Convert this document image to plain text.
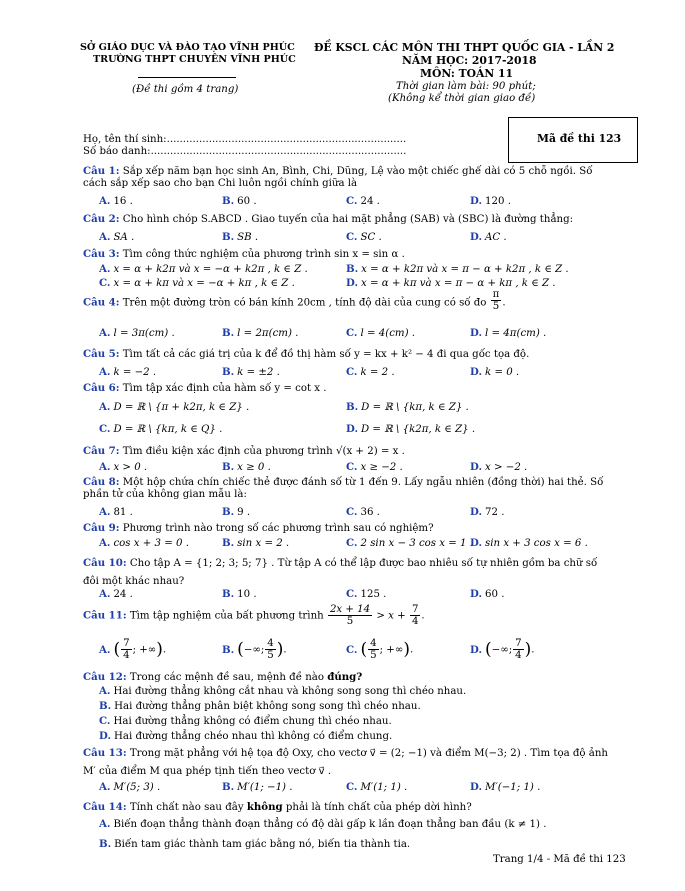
SỞ GIÁO DỤC VÀ ĐÀO TẠO VĨNH PHÚC
TRƯỜNG THPT CHUYÊN VĨNH PHÚC
(Đề thi gồm 4 trang)
ĐỀ KSCL CÁC MÔN THI THPT QUỐC GIA - LẦN 2
NĂM HỌC: 2017-2018
MÔN: TOÁN 11
Thời gian làm bài: 90 phút;
(Không kể thời gian giao đề)
Họ, tên thí sinh:..........................................................................
Số báo danh:...............................................................................
Mã đề thi 123
Câu 1: Sắp xếp năm bạn học sinh An, Bình, Chi, Dũng, Lệ vào một chiếc ghế dài có 5 chỗ ngồi. Số cách sắp xếp sao cho bạn Chi luôn ngồi chính giữa là
A. 16 .	B. 60 .	C. 24 .	D. 120 .
Câu 2: Cho hình chóp S.ABCD . Giao tuyến của hai mặt phẳng (SAB) và (SBC) là đường thẳng:
A. SA .	B. SB .	C. SC .	D. AC .
Câu 3: Tìm công thức nghiệm của phương trình sin x = sin α .
A. x = α + k2π và x = −α + k2π , k ∈ Z .	B. x = α + k2π và x = π − α + k2π , k ∈ Z .
C. x = α + kπ và x = −α + kπ , k ∈ Z .	D. x = α + kπ và x = π − α + kπ , k ∈ Z .
Câu 4: Trên một đường tròn có bán kính 20cm , tính độ dài của cung có số đo $\frac{\pi}{5}$ .
A. l = 3π(cm) .	B. l = 2π(cm) .	C. l = 4(cm) .	D. l = 4π(cm) .
Câu 5: Tìm tất cả các giá trị của k để đồ thị hàm số y = kx + k² − 4 đi qua gốc tọa độ.
A. k = −2 .	B. k = ±2 .	C. k = 2 .	D. k = 0 .
Câu 6: Tìm tập xác định của hàm số y = cot x .
A. D = ℝ \ {π + k2π, k ∈ Z} .	B. D = ℝ \ {kπ, k ∈ Z} .
C. D = ℝ \ {kπ, k ∈ Q} .	D. D = ℝ \ {k2π, k ∈ Z} .
Câu 7: Tìm điều kiện xác định của phương trình √(x + 2) = x .
A. x > 0 .	B. x ≥ 0 .	C. x ≥ −2 .	D. x > −2 .
Câu 8: Một hộp chứa chín chiếc thẻ được đánh số từ 1 đến 9. Lấy ngẫu nhiên (đồng thời) hai thẻ. Số phần tử của không gian mẫu là:
A. 81 .	B. 9 .	C. 36 .	D. 72 .
Câu 9: Phương trình nào trong số các phương trình sau có nghiệm?
A. cos x + 3 = 0 .	B. sin x = 2 .	C. 2 sin x − 3 cos x = 1 .
D. sin x + 3 cos x = 6 .
Câu 10: Cho tập A = {1; 2; 3; 5; 7} . Từ tập A có thể lập được bao nhiêu số tự nhiên gồm ba chữ số đôi một khác nhau?
A. 24 .	B. 10 .	C. 125 .	D. 60 .
Câu 11: Tìm tập nghiệm của bất phương trình $\frac{2x + 14}{5} > x + \frac{7}{4}$ .
A. ( $\frac{7}{4}$ ; +∞).	B. (−∞; $\frac{4}{5}$ ).	C. ( $\frac{4}{5}$ ; +∞).	D. (−∞; $\frac{7}{4}$ ).
Câu 12: Trong các mệnh đề sau, mệnh đề nào đúng?
A. Hai đường thẳng không cắt nhau và không song song thì chéo nhau.
B. Hai đường thẳng phân biệt không song song thì chéo nhau.
C. Hai đường thẳng không có điểm chung thì chéo nhau.
D. Hai đường thẳng chéo nhau thì không có điểm chung.
Câu 13: Trong mặt phẳng với hệ tọa độ Oxy, cho vectơ v⃗ = (2; −1) và điểm M(−3; 2) . Tìm tọa độ ảnh M′ của điểm M qua phép tịnh tiến theo vectơ v⃗ .
A. M′(5; 3) .	B. M′(1; −1) .	C. M′(1; 1) .	D. M′(−1; 1) .
Câu 14: Tính chất nào sau đây không phải là tính chất của phép dời hình?
A. Biến đoạn thẳng thành đoạn thẳng có độ dài gấp k lần đoạn thẳng ban đầu (k ≠ 1) .
B. Biến tam giác thành tam giác bằng nó, biến tia thành tia.
Trang 1/4 - Mã đề thi 123
